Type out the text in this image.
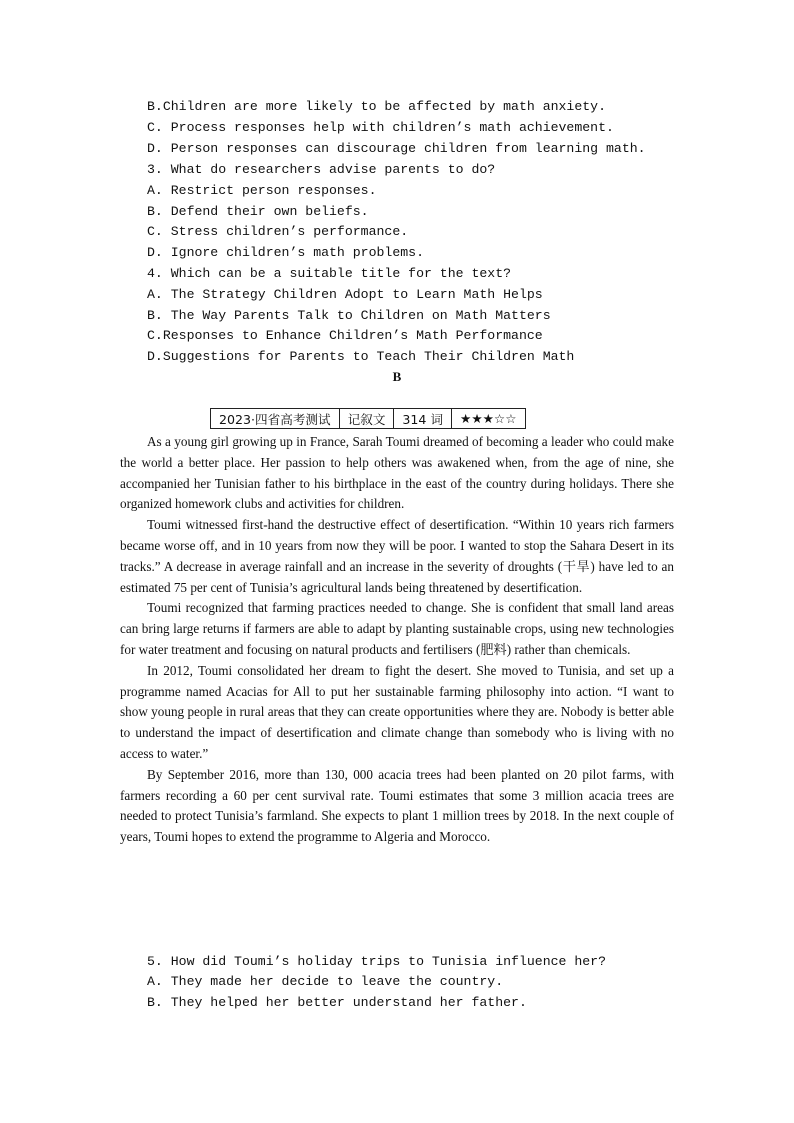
B.Children are more likely to be affected by math anxiety.
C. Process responses help with children’s math achievement.
D. Person responses can discourage children from learning math.
3. What do researchers advise parents to do?
A. Restrict person responses.
B. Defend their own beliefs.
C. Stress children’s performance.
D. Ignore children’s math problems.
4. Which can be a suitable title for the text?
A. The Strategy Children Adopt to Learn Math Helps
B. The Way Parents Talk to Children on Math Matters
C.Responses to Enhance Children’s Math Performance
D.Suggestions for Parents to Teach Their Children Math
B
2023·四省高考测试	记叙文	314 词	★★★☆☆

As a young girl growing up in France, Sarah Toumi dreamed of becoming a leader who could make the world a better place. Her passion to help others was awakened when, from the age of nine, she accompanied her Tunisian father to his birthplace in the east of the country during holidays. There she organized homework clubs and activities for children.

Toumi witnessed first-hand the destructive effect of desertification. “Within 10 years rich farmers became worse off, and in 10 years from now they will be poor. I wanted to stop the Sahara Desert in its tracks.” A decrease in average rainfall and an increase in the severity of droughts (干旱) have led to an estimated 75 per cent of Tunisia’s agricultural lands being threatened by desertification.

Toumi recognized that farming practices needed to change. She is confident that small land areas can bring large returns if farmers are able to adapt by planting sustainable crops, using new technologies for water treatment and focusing on natural products and fertilisers (肥料) rather than chemicals.

In 2012, Toumi consolidated her dream to fight the desert. She moved to Tunisia, and set up a programme named Acacias for All to put her sustainable farming philosophy into action. “I want to show young people in rural areas that they can create opportunities where they are. Nobody is better able to understand the impact of desertification and climate change than somebody who is living with no access to water.”

By September 2016, more than 130, 000 acacia trees had been planted on 20 pilot farms, with farmers recording a 60 per cent survival rate. Toumi estimates that some 3 million acacia trees are needed to protect Tunisia’s farmland. She expects to plant 1 million trees by 2018. In the next couple of years, Toumi hopes to extend the programme to Algeria and Morocco.

5. How did Toumi’s holiday trips to Tunisia influence her?
A. They made her decide to leave the country.
B. They helped her better understand her father.
